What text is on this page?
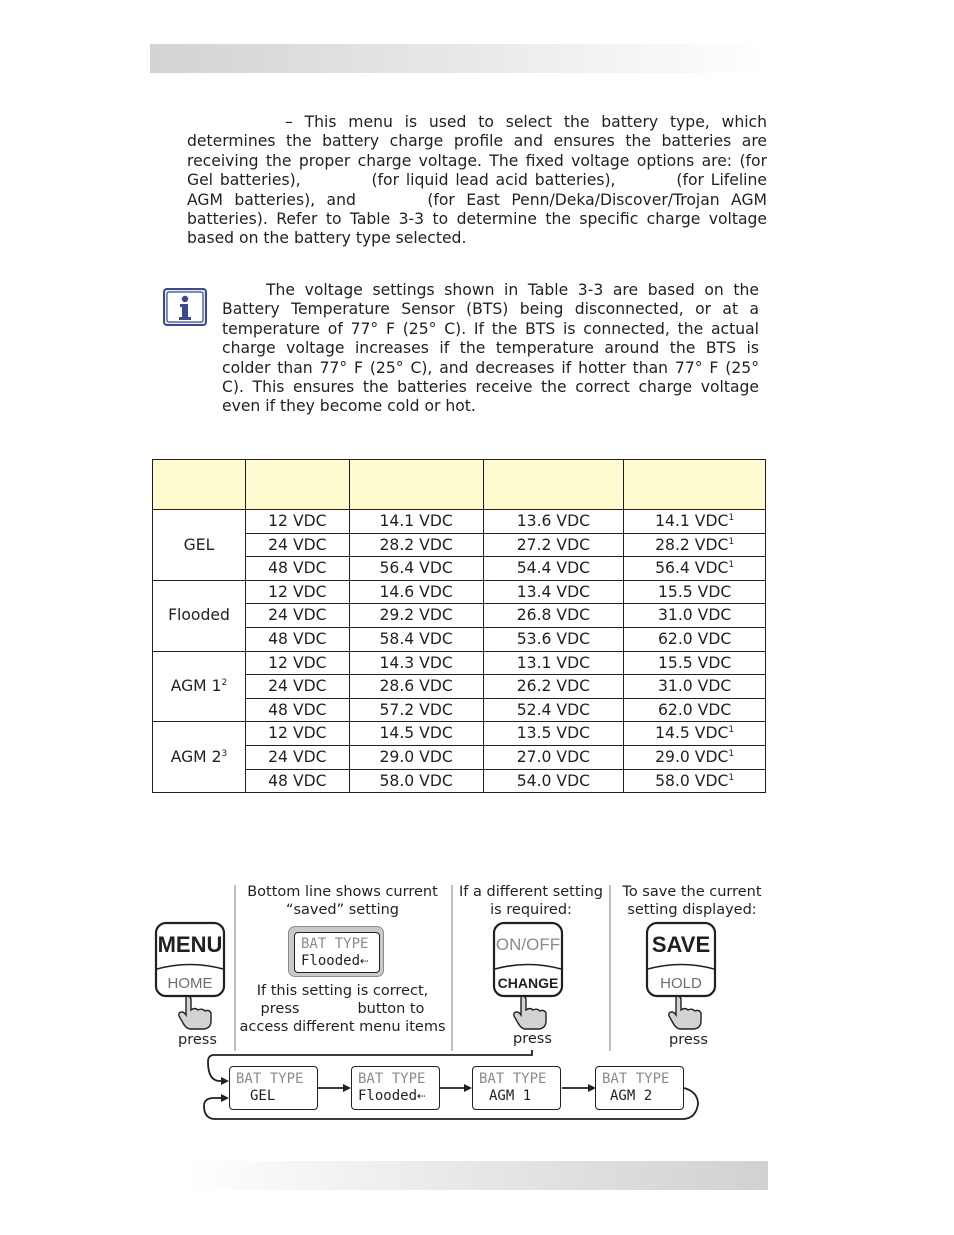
– This menu is used to select the battery type, which determines the battery charge profile and ensures the batteries are receiving the proper charge voltage. The fixed voltage options are: (for Gel batteries),	(for liquid lead acid batteries),	(for Lifeline AGM batteries), and	(for East Penn/Deka/Discover/Trojan AGM batteries). Refer to Table 3-3 to determine the specific charge voltage based on the battery type selected.
The voltage settings shown in Table 3-3 are based on the Battery Temperature Sensor (BTS) being disconnected, or at a temperature of 77° F (25° C). If the BTS is connected, the actual charge voltage increases if the temperature around the BTS is colder than 77° F (25° C), and decreases if hotter than 77° F (25° C). This ensures the batteries receive the correct charge voltage even if they become cold or hot.

GEL	12 VDC	14.1 VDC	13.6 VDC	14.1 VDC$^1$
	24 VDC	28.2 VDC	27.2 VDC	28.2 VDC$^1$
	48 VDC	56.4 VDC	54.4 VDC	56.4 VDC$^1$
Flooded	12 VDC	14.6 VDC	13.4 VDC	15.5 VDC
	24 VDC	29.2 VDC	26.8 VDC	31.0 VDC
	48 VDC	58.4 VDC	53.6 VDC	62.0 VDC
AGM $1^2$	12 VDC	14.3 VDC	13.1 VDC	15.5 VDC
	24 VDC	28.6 VDC	26.2 VDC	31.0 VDC
	48 VDC	57.2 VDC	52.4 VDC	62.0 VDC
AGM $2^3$	12 VDC	14.5 VDC	13.5 VDC	14.5 VDC$^1$
	24 VDC	29.0 VDC	27.0 VDC	29.0 VDC$^1$
	48 VDC	58.0 VDC	54.0 VDC	58.0 VDC$^1$
MENU
HOME
ON/OFF
CHANGE
SAVE
HOLD
Bottom line shows current “saved” setting
BAT TYPE
Flooded⇠
If this setting is correct,
press	button to
access different menu items
If a different setting is required:
To save the current setting displayed:
press	press	press
BAT TYPE
GEL
BAT TYPE
Flooded⇠
BAT TYPE
AGM 1
BAT TYPE
AGM 2
